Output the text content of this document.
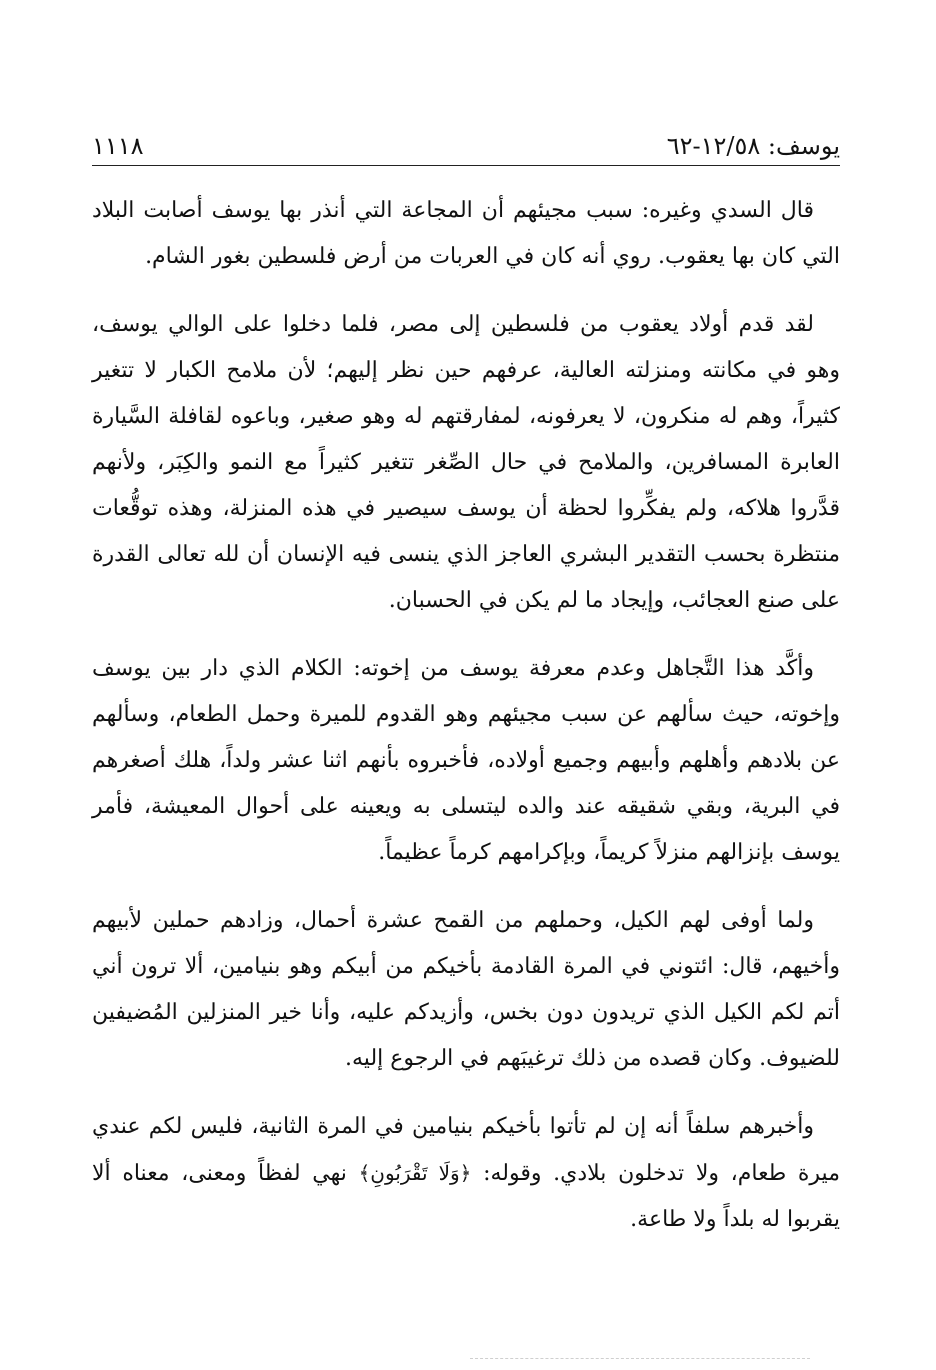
١١١٨	يوسف: ١٢/٥٨-٦٢

قال السدي وغيره: سبب مجيئهم أن المجاعة التي أنذر بها يوسف أصابت البلاد التي كان بها يعقوب. روي أنه كان في العربات من أرض فلسطين بغور الشام.

لقد قدم أولاد يعقوب من فلسطين إلى مصر، فلما دخلوا على الوالي يوسف، وهو في مكانته ومنزلته العالية، عرفهم حين نظر إليهم؛ لأن ملامح الكبار لا تتغير كثيراً، وهم له منكرون، لا يعرفونه، لمفارقتهم له وهو صغير، وباعوه لقافلة السَّيارة العابرة المسافرين، والملامح في حال الصِّغر تتغير كثيراً مع النمو والكِبَر، ولأنهم قدَّروا هلاكه، ولم يفكِّروا لحظة أن يوسف سيصير في هذه المنزلة، وهذه توقُّعات منتظرة بحسب التقدير البشري العاجز الذي ينسى فيه الإنسان أن لله تعالى القدرة على صنع العجائب، وإيجاد ما لم يكن في الحسبان.

وأكَّد هذا التَّجاهل وعدم معرفة يوسف من إخوته: الكلام الذي دار بين يوسف وإخوته، حيث سألهم عن سبب مجيئهم وهو القدوم للميرة وحمل الطعام، وسألهم عن بلادهم وأهلهم وأبيهم وجميع أولاده، فأخبروه بأنهم اثنا عشر ولداً، هلك أصغرهم في البرية، وبقي شقيقه عند والده ليتسلى به ويعينه على أحوال المعيشة، فأمر يوسف بإنزالهم منزلاً كريماً، وبإكرامهم كرماً عظيماً.

ولما أوفى لهم الكيل، وحملهم من القمح عشرة أحمال، وزادهم حملين لأبيهم وأخيهم، قال: ائتوني في المرة القادمة بأخيكم من أبيكم وهو بنيامين، ألا ترون أني أتم لكم الكيل الذي تريدون دون بخس، وأزيدكم عليه، وأنا خير المنزلين المُضيفين للضيوف. وكان قصده من ذلك ترغيبَهم في الرجوع إليه.

وأخبرهم سلفاً أنه إن لم تأتوا بأخيكم بنيامين في المرة الثانية، فليس لكم عندي ميرة طعام، ولا تدخلون بلادي. وقوله: ﴿وَلَا تَقْرَبُونِ﴾ نهي لفظاً ومعنى، معناه ألا يقربوا له بلداً ولا طاعة.
